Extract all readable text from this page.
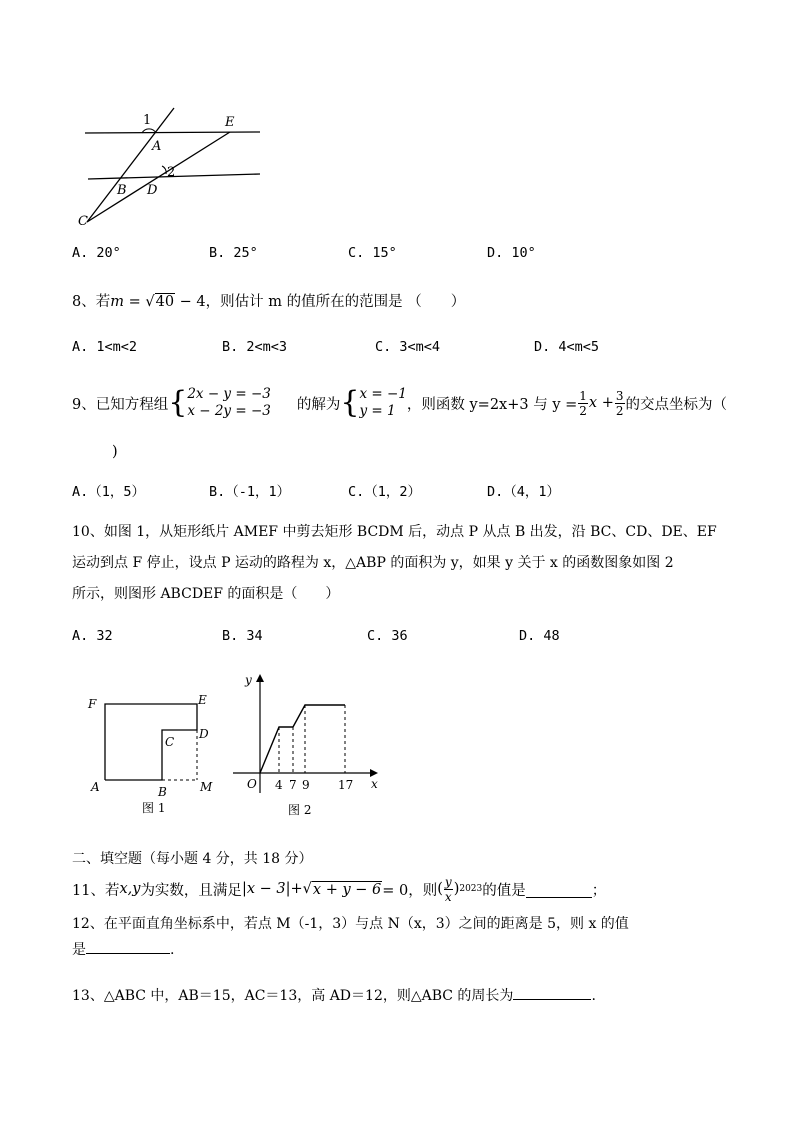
1
A
E
2
B D
C
A. 20°	B. 25°	C. 15°	D. 10°
8、若m = √40 − 4，则估计 m 的值所在的范围是 （　　）
A. 1<m<2	B. 2<m<3	C. 3<m<4	D. 4<m<5
9、已知方程组 { 2x − y = −3
x − 2y = −3 的解为 { x = −1
y = 1 ，则函数 y=2x+3 与 $y = \frac{1}{2}$ $x + \frac{3}{2}$ 的交点坐标为（
)
A.（1，5）	B.（-1，1）	C.（1，2）	D.（4，1）
10、如图 1，从矩形纸片 AMEF 中剪去矩形 BCDM 后，动点 P 从点 B 出发，沿 BC、CD、DE、EF
运动到点 F 停止，设点 P 运动的路程为 x，△ABP 的面积为 y，如果 y 关于 x 的函数图象如图 2
所示，则图形 ABCDEF 的面积是（　　）
A. 32	B. 34	C. 36	D. 48
F	E
D
C
A	B	M
图 1
y
x
O 4 7 9 17
图 2
二、填空题（每小题 4 分，共 18 分）
11、若 x,y 为实数，且满足 | x − 3 | + √ x + y − 6 = 0，则 ( $\frac{y}{x}$ ) 2023 的值是	；
12、在平面直角坐标系中，若点 M（-1，3）与点 N（x，3）之间的距离是 5，则 x 的值
是	.
13、△ABC 中，AB＝15，AC＝13，高 AD＝12，则△ABC 的周长为	.
